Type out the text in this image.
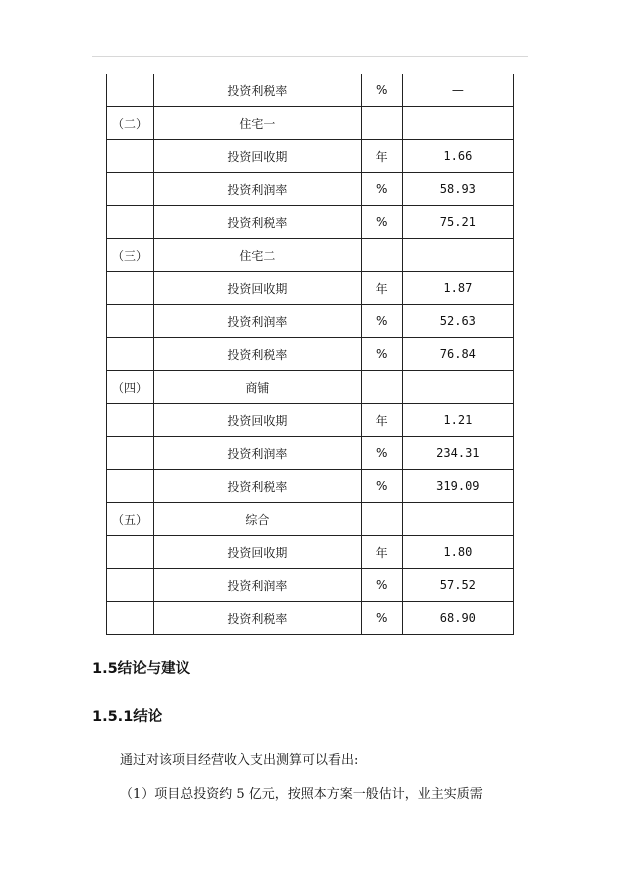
	投资利税率	%	—
（二）	住宅一		
	投资回收期	年	1.66
	投资利润率	%	58.93
	投资利税率	%	75.21
（三）	住宅二		
	投资回收期	年	1.87
	投资利润率	%	52.63
	投资利税率	%	76.84
（四）	商铺		
	投资回收期	年	1.21
	投资利润率	%	234.31
	投资利税率	%	319.09
（五）	综合		
	投资回收期	年	1.80
	投资利润率	%	57.52
	投资利税率	%	68.90
1.5结论与建议
1.5.1结论

通过对该项目经营收入支出测算可以看出:

（1）项目总投资约 5 亿元，按照本方案一般估计，业主实质需
